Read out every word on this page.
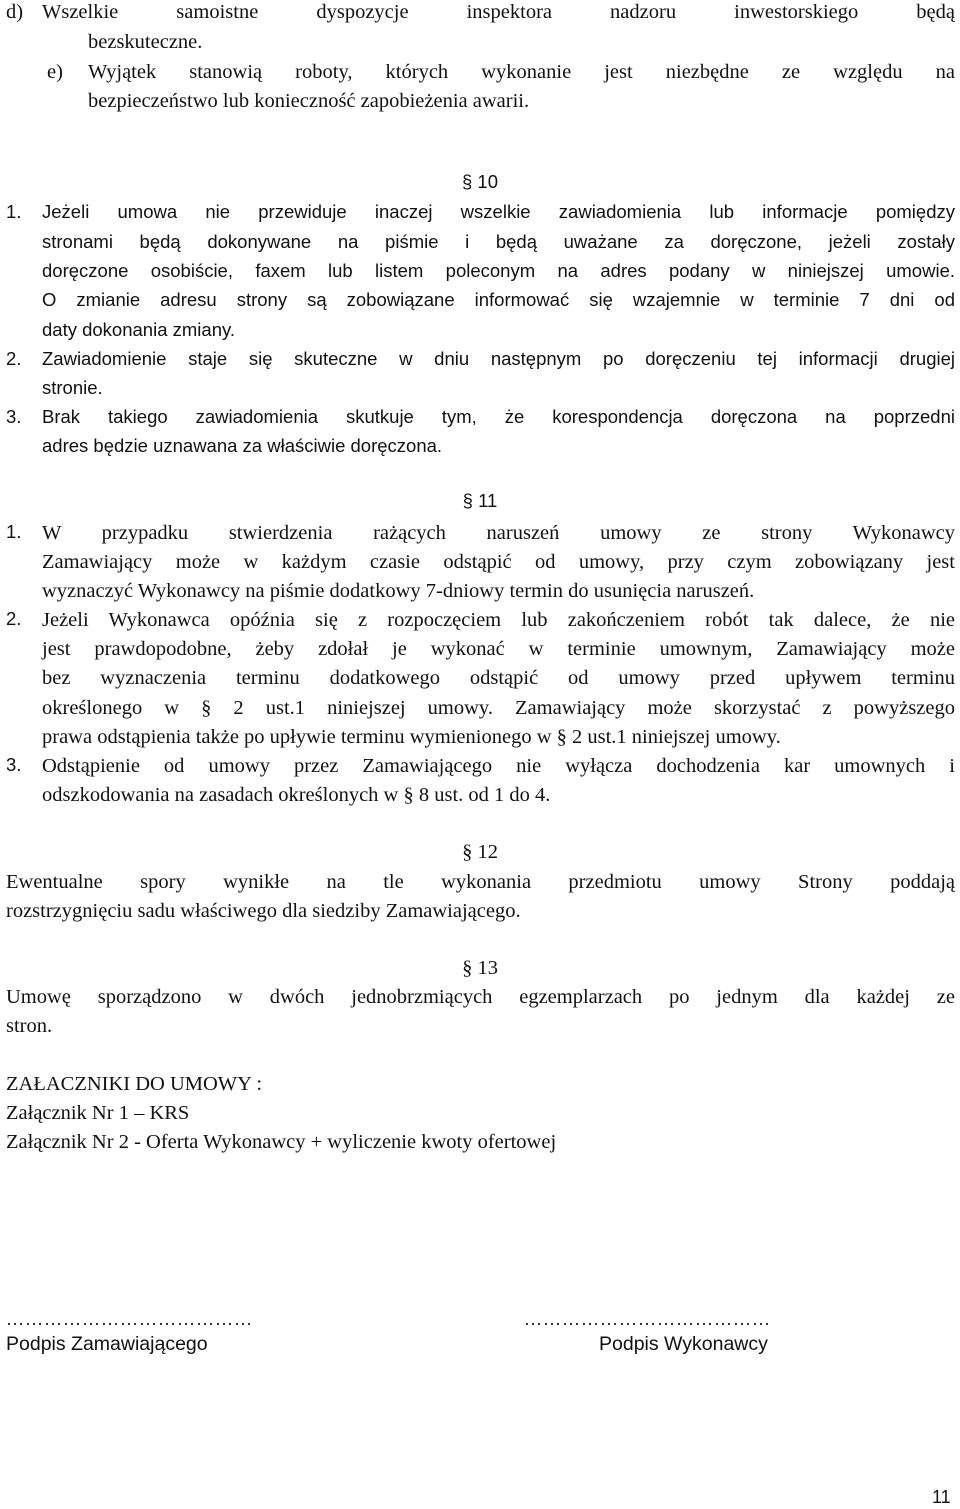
d) Wszelkie samoistne dyspozycje inspektora nadzoru inwestorskiego będą
bezskuteczne.
e) Wyjątek stanowią roboty, których wykonanie jest niezbędne ze względu na
bezpieczeństwo lub konieczność zapobieżenia awarii.
§ 10
1. Jeżeli umowa nie przewiduje inaczej wszelkie zawiadomienia lub informacje pomiędzy
stronami będą dokonywane na piśmie i będą uważane za doręczone, jeżeli zostały
doręczone osobiście, faxem lub listem poleconym na adres podany w niniejszej umowie.
O zmianie adresu strony są zobowiązane informować się wzajemnie w terminie 7 dni od
daty dokonania zmiany.
2. Zawiadomienie staje się skuteczne w dniu następnym po doręczeniu tej informacji drugiej
stronie.
3. Brak takiego zawiadomienia skutkuje tym, że korespondencja doręczona na poprzedni
adres będzie uznawana za właściwie doręczona.
§ 11
1. W przypadku stwierdzenia rażących naruszeń umowy ze strony Wykonawcy
Zamawiający może w każdym czasie odstąpić od umowy, przy czym zobowiązany jest
wyznaczyć Wykonawcy na piśmie dodatkowy 7-dniowy termin do usunięcia naruszeń.
2. Jeżeli Wykonawca opóźnia się z rozpoczęciem lub zakończeniem robót tak dalece, że nie
jest prawdopodobne, żeby zdołał je wykonać w terminie umownym, Zamawiający może
bez wyznaczenia terminu dodatkowego odstąpić od umowy przed upływem terminu
określonego w § 2 ust.1 niniejszej umowy. Zamawiający może skorzystać z powyższego
prawa odstąpienia także po upływie terminu wymienionego w § 2 ust.1 niniejszej umowy.
3. Odstąpienie od umowy przez Zamawiającego nie wyłącza dochodzenia kar umownych i
odszkodowania na zasadach określonych w § 8 ust. od 1 do 4.
§ 12
Ewentualne spory wynikłe na tle wykonania przedmiotu umowy Strony poddają
rozstrzygnięciu sadu właściwego dla siedziby Zamawiającego.
§ 13
Umowę sporządzono w dwóch jednobrzmiących egzemplarzach po jednym dla każdej ze
stron.
ZAŁACZNIKI DO UMOWY :
Załącznik Nr 1 – KRS
Załącznik Nr 2 - Oferta Wykonawcy + wyliczenie kwoty ofertowej
…………………………………
Podpis Zamawiającego
…………………………………
Podpis Wykonawcy
11
